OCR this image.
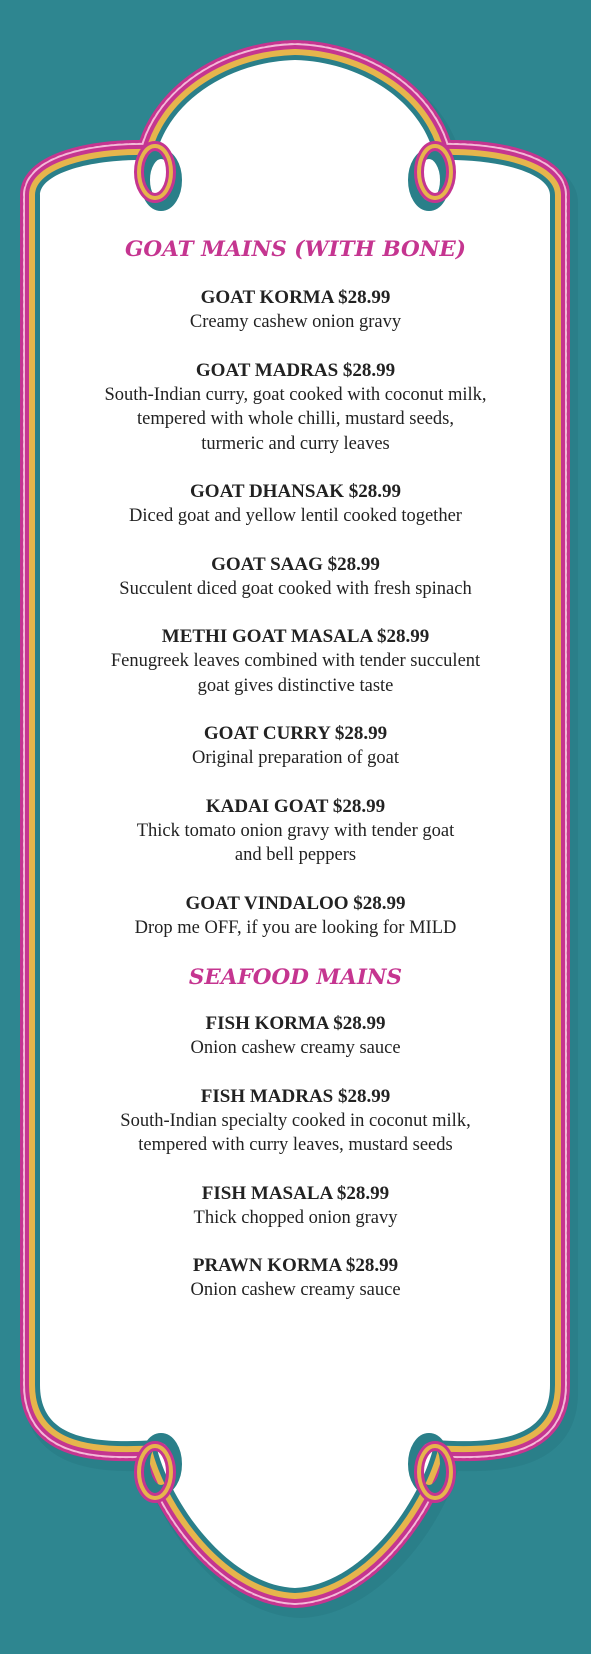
GOAT MAINS (WITH BONE)
GOAT KORMA $28.99
Creamy cashew onion gravy
GOAT MADRAS $28.99
South-Indian curry, goat cooked with coconut milk,
tempered with whole chilli, mustard seeds,
turmeric and curry leaves
GOAT DHANSAK $28.99
Diced goat and yellow lentil cooked together
GOAT SAAG $28.99
Succulent diced goat cooked with fresh spinach
METHI GOAT MASALA $28.99
Fenugreek leaves combined with tender succulent
goat gives distinctive taste
GOAT CURRY $28.99
Original preparation of goat
KADAI GOAT $28.99
Thick tomato onion gravy with tender goat
and bell peppers
GOAT VINDALOO $28.99
Drop me OFF, if you are looking for MILD
SEAFOOD MAINS
FISH KORMA $28.99
Onion cashew creamy sauce
FISH MADRAS $28.99
South-Indian specialty cooked in coconut milk,
tempered with curry leaves, mustard seeds
FISH MASALA $28.99
Thick chopped onion gravy
PRAWN KORMA $28.99
Onion cashew creamy sauce
